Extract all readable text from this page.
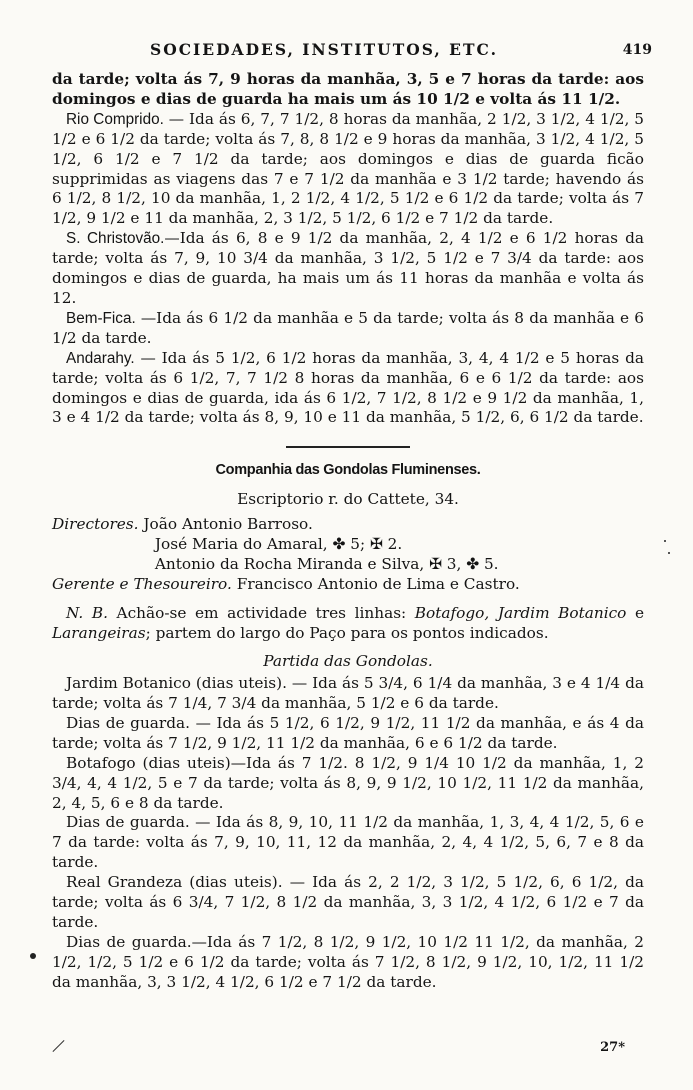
SOCIEDADES, INSTITUTOS, ETC.	419

da tarde; volta ás 7, 9 horas da manhãa, 3, 5 e 7 horas da tarde: aos domingos e dias de guarda ha mais um ás 10 1/2 e volta ás 11 1/2.

Rio Comprido. — Ida ás 6, 7, 7 1/2, 8 horas da manhãa, 2 1/2, 3 1/2, 4 1/2, 5 1/2 e 6 1/2 da tarde; volta ás 7, 8, 8 1/2 e 9 horas da manhãa, 3 1/2, 4 1/2, 5 1/2, 6 1/2 e 7 1/2 da tarde; aos domingos e dias de guarda ficão supprimidas as viagens das 7 e 7 1/2 da manhãa e 3 1/2 tarde; havendo ás 6 1/2, 8 1/2, 10 da manhãa, 1, 2 1/2, 4 1/2, 5 1/2 e 6 1/2 da tarde; volta ás 7 1/2, 9 1/2 e 11 da manhãa, 2, 3 1/2, 5 1/2, 6 1/2 e 7 1/2 da tarde.

S. Christovão.—Ida ás 6, 8 e 9 1/2 da manhãa, 2, 4 1/2 e 6 1/2 horas da tarde; volta ás 7, 9, 10 3/4 da manhãa, 3 1/2, 5 1/2 e 7 3/4 da tarde: aos domingos e dias de guarda, ha mais um ás 11 horas da manhãa e volta ás 12.

Bem-Fica. —Ida ás 6 1/2 da manhãa e 5 da tarde; volta ás 8 da manhãa e 6 1/2 da tarde.

Andarahy. — Ida ás 5 1/2, 6 1/2 horas da manhãa, 3, 4, 4 1/2 e 5 horas da tarde; volta ás 6 1/2, 7, 7 1/2 8 horas da manhãa, 6 e 6 1/2 da tarde: aos domingos e dias de guarda, ida ás 6 1/2, 7 1/2, 8 1/2 e 9 1/2 da manhãa, 1, 3 e 4 1/2 da tarde; volta ás 8, 9, 10 e 11 da manhãa, 5 1/2, 6, 6 1/2 da tarde.

Companhia das Gondolas Fluminenses.
Escriptorio r. do Cattete, 34.
Directores. João Antonio Barroso.
José Maria do Amaral, ✤ 5; ✠ 2.
Antonio da Rocha Miranda e Silva, ✠ 3, ✤ 5.
Gerente e Thesoureiro. Francisco Antonio de Lima e Castro.

N. B. Achão-se em actividade tres linhas: Botafogo, Jardim Botanico e Larangeiras; partem do largo do Paço para os pontos indicados.

Partida das Gondolas.

Jardim Botanico (dias uteis). — Ida ás 5 3/4, 6 1/4 da manhãa, 3 e 4 1/4 da tarde; volta ás 7 1/4, 7 3/4 da manhãa, 5 1/2 e 6 da tarde.

Dias de guarda. — Ida ás 5 1/2, 6 1/2, 9 1/2, 11 1/2 da manhãa, e ás 4 da tarde; volta ás 7 1/2, 9 1/2, 11 1/2 da manhãa, 6 e 6 1/2 da tarde.

Botafogo (dias uteis)—Ida ás 7 1/2. 8 1/2, 9 1/4 10 1/2 da manhãa, 1, 2 3/4, 4, 4 1/2, 5 e 7 da tarde; volta ás 8, 9, 9 1/2, 10 1/2, 11 1/2 da manhãa, 2, 4, 5, 6 e 8 da tarde.

Dias de guarda. — Ida ás 8, 9, 10, 11 1/2 da manhãa, 1, 3, 4, 4 1/2, 5, 6 e 7 da tarde: volta ás 7, 9, 10, 11, 12 da manhãa, 2, 4, 4 1/2, 5, 6, 7 e 8 da tarde.

Real Grandeza (dias uteis). — Ida ás 2, 2 1/2, 3 1/2, 5 1/2, 6, 6 1/2, da tarde; volta ás 6 3/4, 7 1/2, 8 1/2 da manhãa, 3, 3 1/2, 4 1/2, 6 1/2 e 7 da tarde.

Dias de guarda.—Ida ás 7 1/2, 8 1/2, 9 1/2, 10 1/2 11 1/2, da manhãa, 2 1/2, 1/2, 5 1/2 e 6 1/2 da tarde; volta ás 7 1/2, 8 1/2, 9 1/2, 10, 1/2, 11 1/2 da manhãa, 3, 3 1/2, 4 1/2, 6 1/2 e 7 1/2 da tarde.

27*
